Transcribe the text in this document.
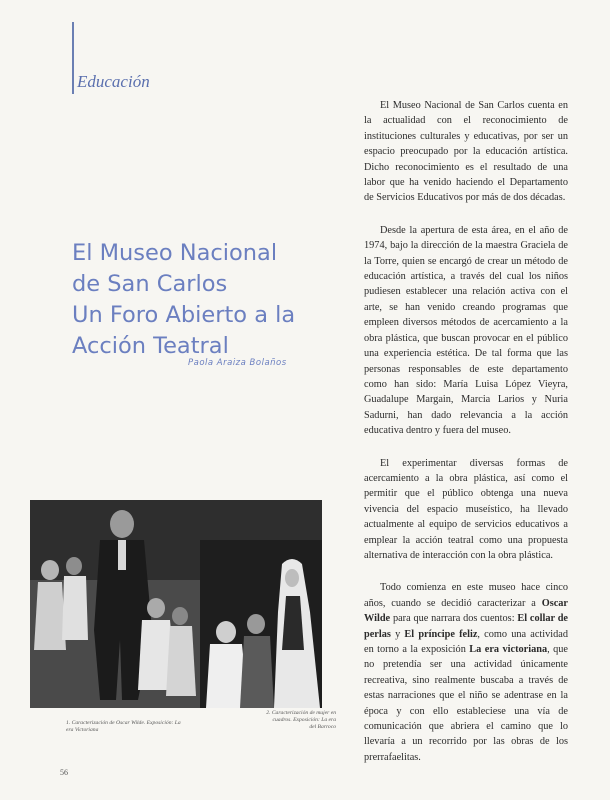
Educación
El Museo Nacional
de San Carlos
Un Foro Abierto a la
Acción Teatral
Paola Araiza Bolaños

El Museo Nacional de San Carlos cuenta en la actualidad con el reconocimiento de instituciones culturales y educativas, por ser un espacio preocupado por la educación artística. Dicho reconocimiento es el resultado de una labor que ha venido haciendo el Departamento de Servicios Educativos por más de dos décadas.

Desde la apertura de esta área, en el año de 1974, bajo la dirección de la maestra Graciela de la Torre, quien se encargó de crear un método de educación artística, a través del cual los niños pudiesen establecer una relación activa con el arte, se han venido creando programas que empleen diversos métodos de acercamiento a la obra plástica, que buscan provocar en el público una experiencia estética. De tal forma que las personas responsables de este departamento como han sido: María Luisa López Vieyra, Guadalupe Margain, Marcia Larios y Nuria Sadurni, han dado relevancia a la acción educativa dentro y fuera del museo.

El experimentar diversas formas de acercamiento a la obra plástica, así como el permitir que el público obtenga una nueva vivencia del espacio museístico, ha llevado actualmente al equipo de servicios educativos a emplear la acción teatral como una propuesta alternativa de interacción con la obra plástica.

Todo comienza en este museo hace cinco años, cuando se decidió caracterizar a Oscar Wilde para que narrara dos cuentos: El collar de perlas y El príncipe feliz, como una actividad en torno a la exposición La era victoriana, que no pretendía ser una actividad únicamente recreativa, sino realmente buscaba a través de estas narraciones que el niño se adentrase en la época y con ello estableciese una vía de comunicación que abriera el camino que lo llevaría a un recorrido por las obras de los prerrafaelitas.

1. Caracterización de Oscar Wilde. Exposición: La era Victoriana
2. Caracterización de mujer en cuadros. Exposición: La era del Barroco
56
